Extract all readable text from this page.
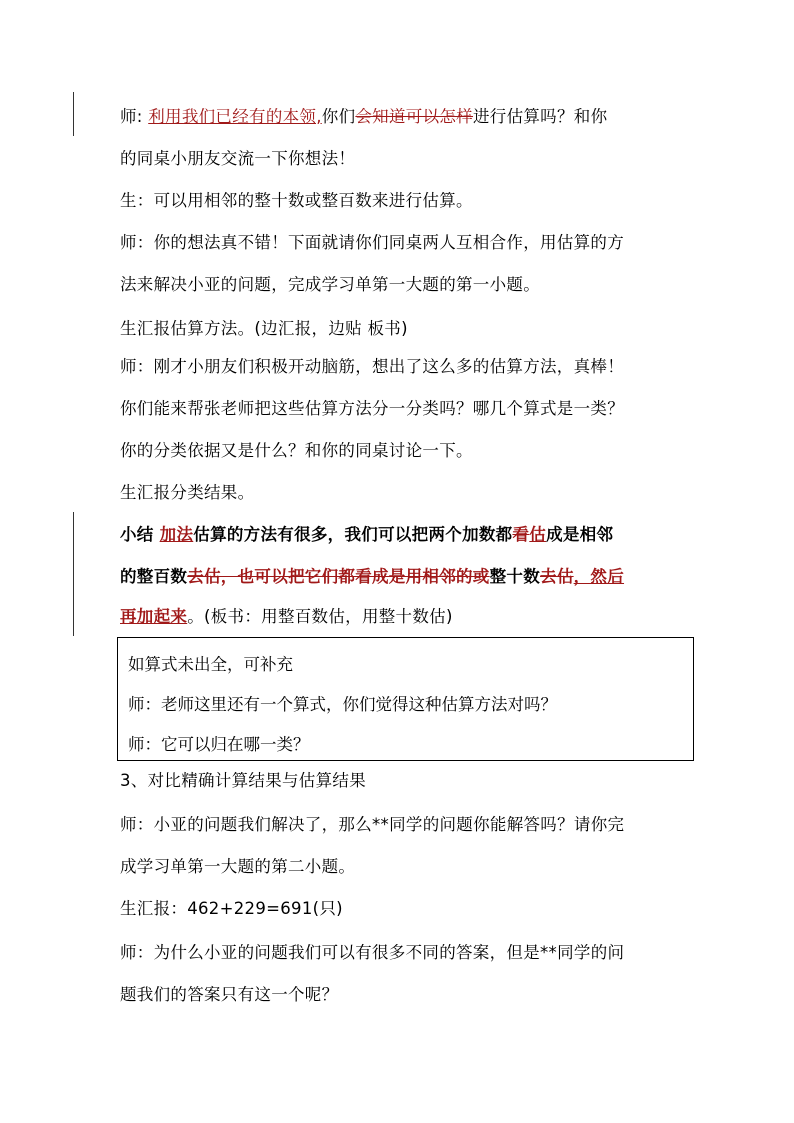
师: 利用我们已经有的本领,你们会知道可以怎样进行估算吗？和你
的同桌小朋友交流一下你想法！
生：可以用相邻的整十数或整百数来进行估算。
师：你的想法真不错！下面就请你们同桌两人互相合作，用估算的方
法来解决小亚的问题，完成学习单第一大题的第一小题。
生汇报估算方法。(边汇报，边贴 板书)
师：刚才小朋友们积极开动脑筋，想出了这么多的估算方法，真棒！
你们能来帮张老师把这些估算方法分一分类吗？哪几个算式是一类？
你的分类依据又是什么？和你的同桌讨论一下。
生汇报分类结果。
小结 加法估算的方法有很多，我们可以把两个加数都看估成是相邻
的整百数去估，也可以把它们都看成是用相邻的或整十数去估，然后
再加起来。(板书：用整百数估，用整十数估)
如算式未出全，可补充
师：老师这里还有一个算式，你们觉得这种估算方法对吗？
师：它可以归在哪一类？
3、对比精确计算结果与估算结果
师：小亚的问题我们解决了，那么**同学的问题你能解答吗？请你完
成学习单第一大题的第二小题。
生汇报：462+229=691(只)
师：为什么小亚的问题我们可以有很多不同的答案，但是**同学的问
题我们的答案只有这一个呢？
